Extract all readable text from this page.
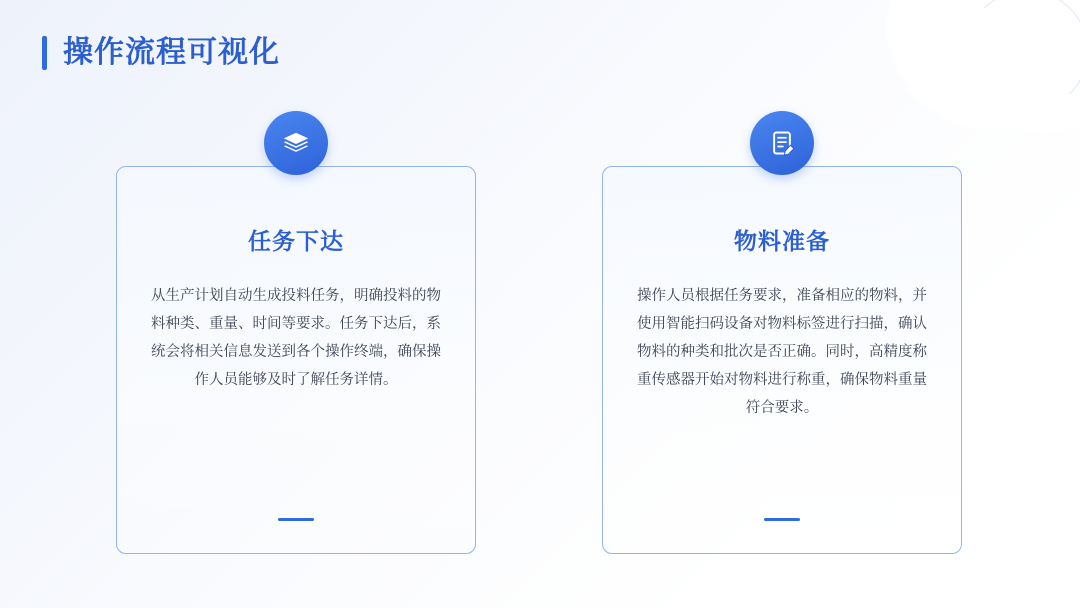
操作流程可视化
任务下达
从生产计划自动生成投料任务，明确投料的物料种类、重量、时间等要求。任务下达后，系统会将相关信息发送到各个操作终端，确保操作人员能够及时了解任务详情。
物料准备
操作人员根据任务要求，准备相应的物料，并使用智能扫码设备对物料标签进行扫描，确认物料的种类和批次是否正确。同时，高精度称重传感器开始对物料进行称重，确保物料重量符合要求。
